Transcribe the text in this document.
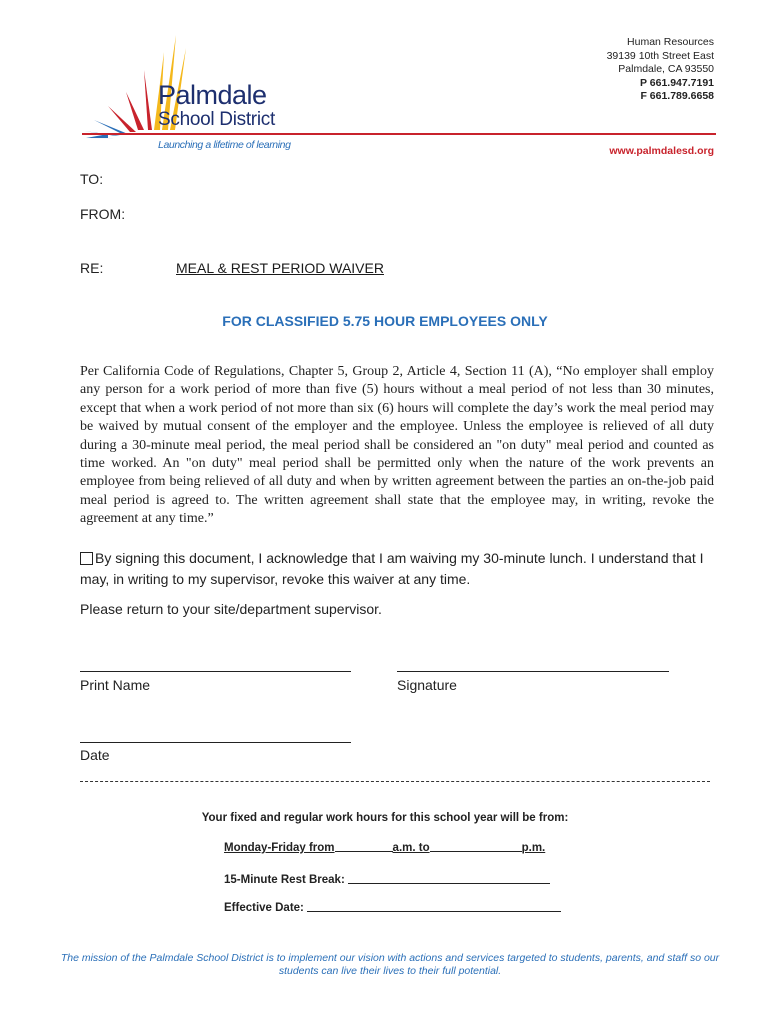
Palmdale
School District
Launching a lifetime of learning
Human Resources
39139 10th Street East
Palmdale, CA 93550
P 661.947.7191
F 661.789.6658
www.palmdalesd.org
TO:
FROM:
RE:	MEAL & REST PERIOD WAIVER
FOR CLASSIFIED 5.75 HOUR EMPLOYEES ONLY
Per California Code of Regulations, Chapter 5, Group 2, Article 4, Section 11 (A), “No employer shall employ any person for a work period of more than five (5) hours without a meal period of not less than 30 minutes, except that when a work period of not more than six (6) hours will complete the day’s work the meal period may be waived by mutual consent of the employer and the employee. Unless the employee is relieved of all duty during a 30-minute meal period, the meal period shall be considered an "on duty" meal period and counted as time worked. An "on duty" meal period shall be permitted only when the nature of the work prevents an employee from being relieved of all duty and when by written agreement between the parties an on-the-job paid meal period is agreed to. The written agreement shall state that the employee may, in writing, revoke the agreement at any time.”
By signing this document, I acknowledge that I am waiving my 30-minute lunch. I understand that I may, in writing to my supervisor, revoke this waiver at any time.
Please return to your site/department supervisor.
Print Name	Signature
Date
Your fixed and regular work hours for this school year will be from:
Monday-Friday from	a.m. to	p.m.
15-Minute Rest Break:
Effective Date:
The mission of the Palmdale School District is to implement our vision with actions and services targeted to students, parents, and staff so our students can live their lives to their full potential.
